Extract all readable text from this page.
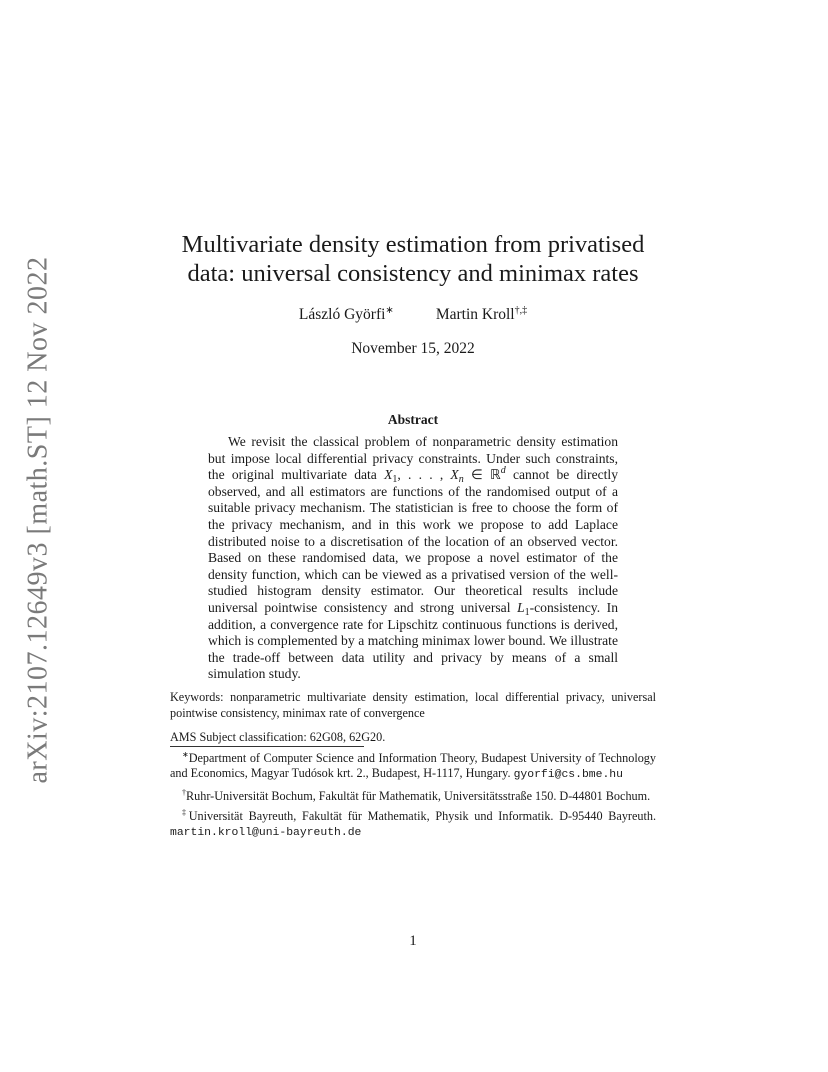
arXiv:2107.12649v3 [math.ST] 12 Nov 2022
Multivariate density estimation from privatised
data: universal consistency and minimax rates
László Györfi∗	Martin Kroll†,‡
November 15, 2022
Abstract

We revisit the classical problem of nonparametric density estimation but impose local differential privacy constraints. Under such constraints, the original multivariate data $X_1$, . . . , $X_n$ ∈ ℝ$^d$ cannot be directly observed, and all estimators are functions of the randomised output of a suitable privacy mechanism. The statistician is free to choose the form of the privacy mechanism, and in this work we propose to add Laplace distributed noise to a discretisation of the location of an observed vector. Based on these randomised data, we propose a novel estimator of the density function, which can be viewed as a privatised version of the well-studied histogram density estimator. Our theoretical results include universal pointwise consistency and strong universal $L_1$-consistency. In addition, a convergence rate for Lipschitz continuous functions is derived, which is complemented by a matching minimax lower bound. We illustrate the trade-off between data utility and privacy by means of a small simulation study.

Keywords: nonparametric multivariate density estimation, local differential privacy, universal pointwise consistency, minimax rate of convergence

AMS Subject classification: 62G08, 62G20.

∗Department of Computer Science and Information Theory, Budapest University of Technology and Economics, Magyar Tudósok krt. 2., Budapest, H-1117, Hungary. gyorfi@cs.bme.hu

†Ruhr-Universität Bochum, Fakultät für Mathematik, Universitätsstraße 150. D-44801 Bochum.

‡Universität Bayreuth, Fakultät für Mathematik, Physik und Informatik. D-95440 Bayreuth. martin.kroll@uni-bayreuth.de

1
